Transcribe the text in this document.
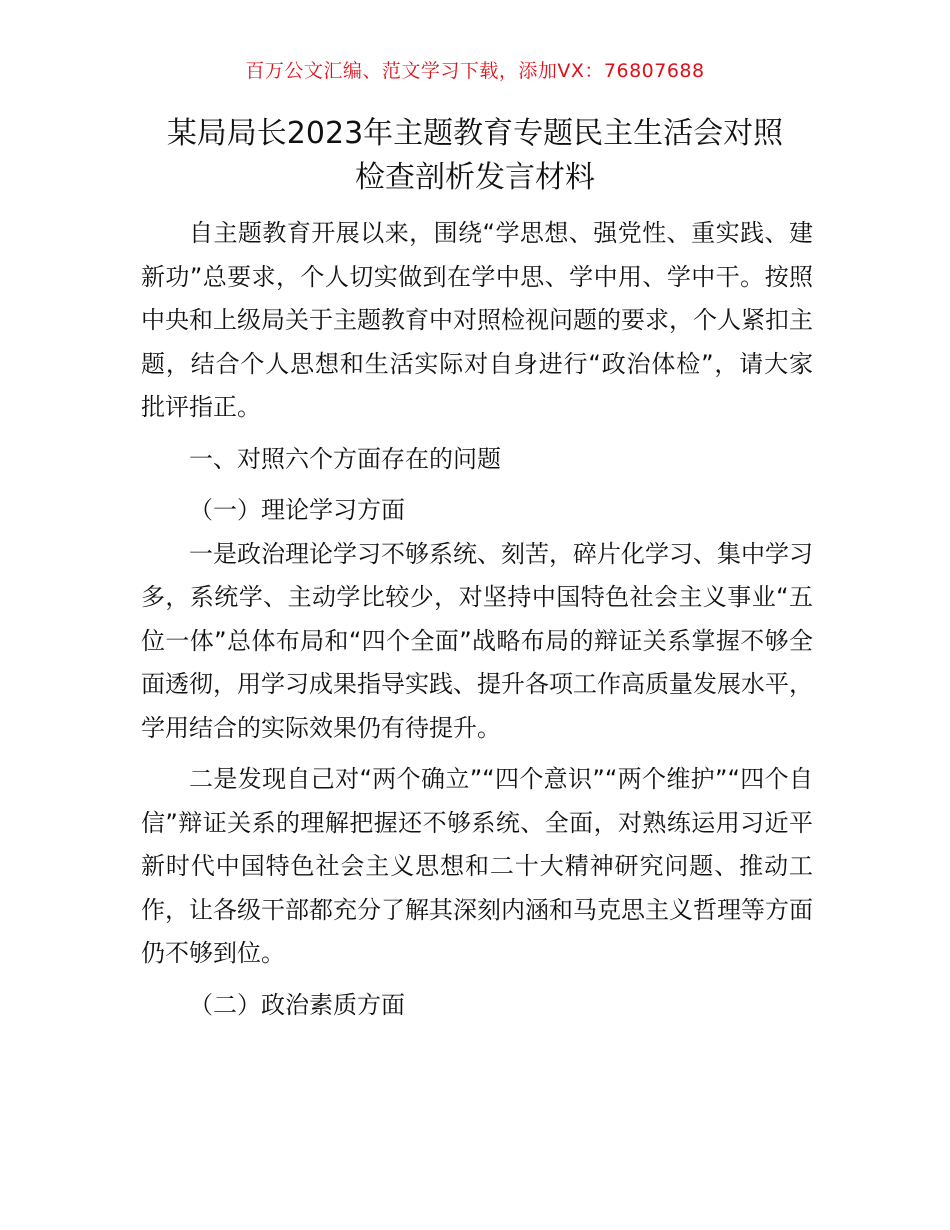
百万公文汇编、范文学习下载，添加VX：76807688
某局局长2023年主题教育专题民主生活会对照
检查剖析发言材料

自主题教育开展以来，围绕“学思想、强党性、重实践、建新功”总要求，个人切实做到在学中思、学中用、学中干。按照中央和上级局关于主题教育中对照检视问题的要求，个人紧扣主题，结合个人思想和生活实际对自身进行“政治体检”，请大家批评指正。

一、对照六个方面存在的问题

（一）理论学习方面

一是政治理论学习不够系统、刻苦，碎片化学习、集中学习多，系统学、主动学比较少，对坚持中国特色社会主义事业“五位一体”总体布局和“四个全面”战略布局的辩证关系掌握不够全面透彻，用学习成果指导实践、提升各项工作高质量发展水平，学用结合的实际效果仍有待提升。

二是发现自己对“两个确立”“四个意识”“两个维护”“四个自信”辩证关系的理解把握还不够系统、全面，对熟练运用习近平新时代中国特色社会主义思想和二十大精神研究问题、推动工作，让各级干部都充分了解其深刻内涵和马克思主义哲理等方面仍不够到位。

（二）政治素质方面
